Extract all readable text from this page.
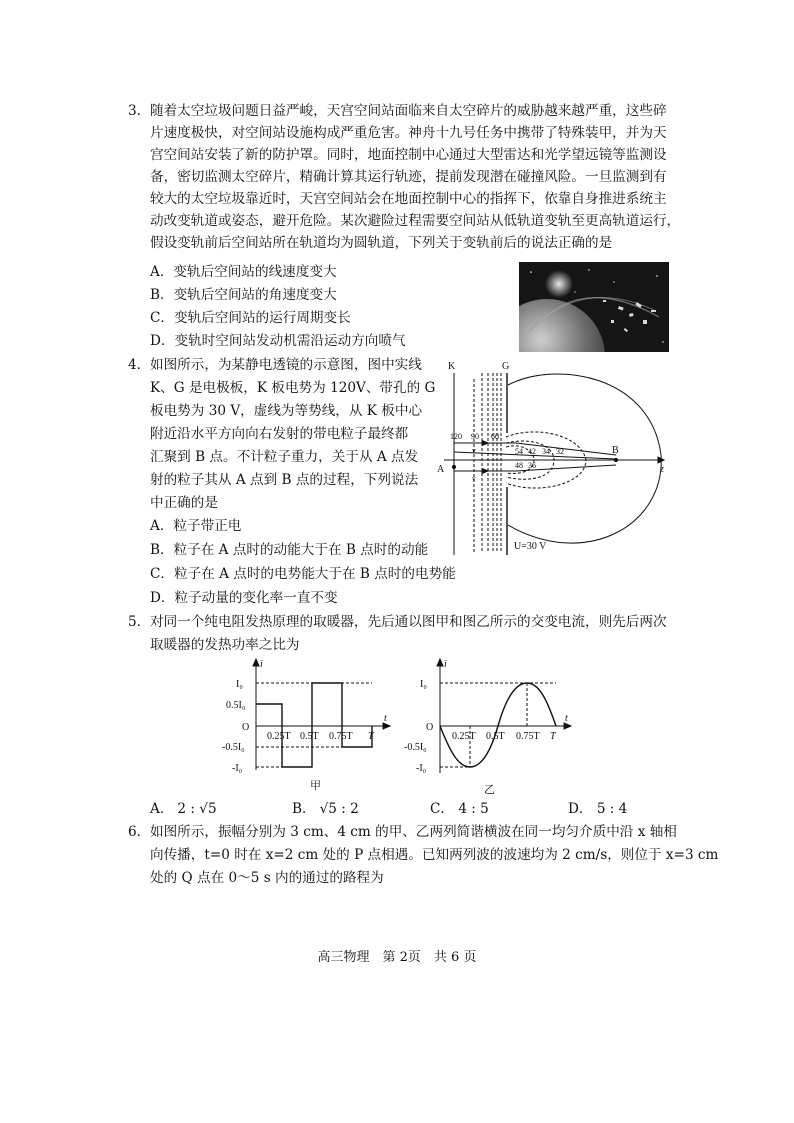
3． 随着太空垃圾问题日益严峻，天宫空间站面临来自太空碎片的威胁越来越严重，这些碎
片速度极快，对空间站设施构成严重危害。神舟十九号任务中携带了特殊装甲，并为天
宫空间站安装了新的防护罩。同时，地面控制中心通过大型雷达和光学望远镜等监测设
备，密切监测太空碎片，精确计算其运行轨迹，提前发现潜在碰撞风险。一旦监测到有
较大的太空垃圾靠近时，天宫空间站会在地面控制中心的指挥下，依靠自身推进系统主
动改变轨道或姿态，避开危险。某次避险过程需要空间站从低轨道变轨至更高轨道运行，
假设变轨前后空间站所在轨道均为圆轨道，下列关于变轨前后的说法正确的是
A．变轨后空间站的线速度变大
B．变轨后空间站的角速度变大
C．变轨后空间站的运行周期变长
D．变轨时空间站发动机需沿运动方向喷气
4． 如图所示，为某静电透镜的示意图，图中实线
K、G 是电极板，K 板电势为 120V、带孔的 G
板电势为 30 V，虚线为等势线，从 K 板中心
附近沿水平方向向右发射的带电粒子最终都
汇聚到 B 点。不计粒子重力，关于从 A 点发
射的粒子其从 A 点到 B 点的过程，下列说法
中正确的是
A．粒子带正电
B．粒子在 A 点时的动能大于在 B 点时的动能
C．粒子在 A 点时的电势能大于在 B 点时的电势能
D．粒子动量的变化率一直不变
K	G
A
B
z
v
v
120 90 60
54 42 34 32
48 36
U=30 V
5． 对同一个纯电阻发热原理的取暖器，先后通以图甲和图乙所示的交变电流，则先后两次
取暖器的发热功率之比为
i
t
O
I₀
0.5I₀
-0.5I₀
-I₀
0.25T 0.5T 0.75T T
甲
i
t
O
I₀
-0.5I₀
-I₀
0.25T 0.5T 0.75T T
乙
A． 2 : √5	B． √5 : 2	C． 4 : 5	D． 5 : 4
6． 如图所示，振幅分别为 3 cm、4 cm 的甲、乙两列简谐横波在同一均匀介质中沿 x 轴相
向传播，t=0 时在 x=2 cm 处的 P 点相遇。已知两列波的波速均为 2 cm/s，则位于 x=3 cm
处的 Q 点在 0～5 s 内的通过的路程为
高三物理　第 2页　共 6 页
